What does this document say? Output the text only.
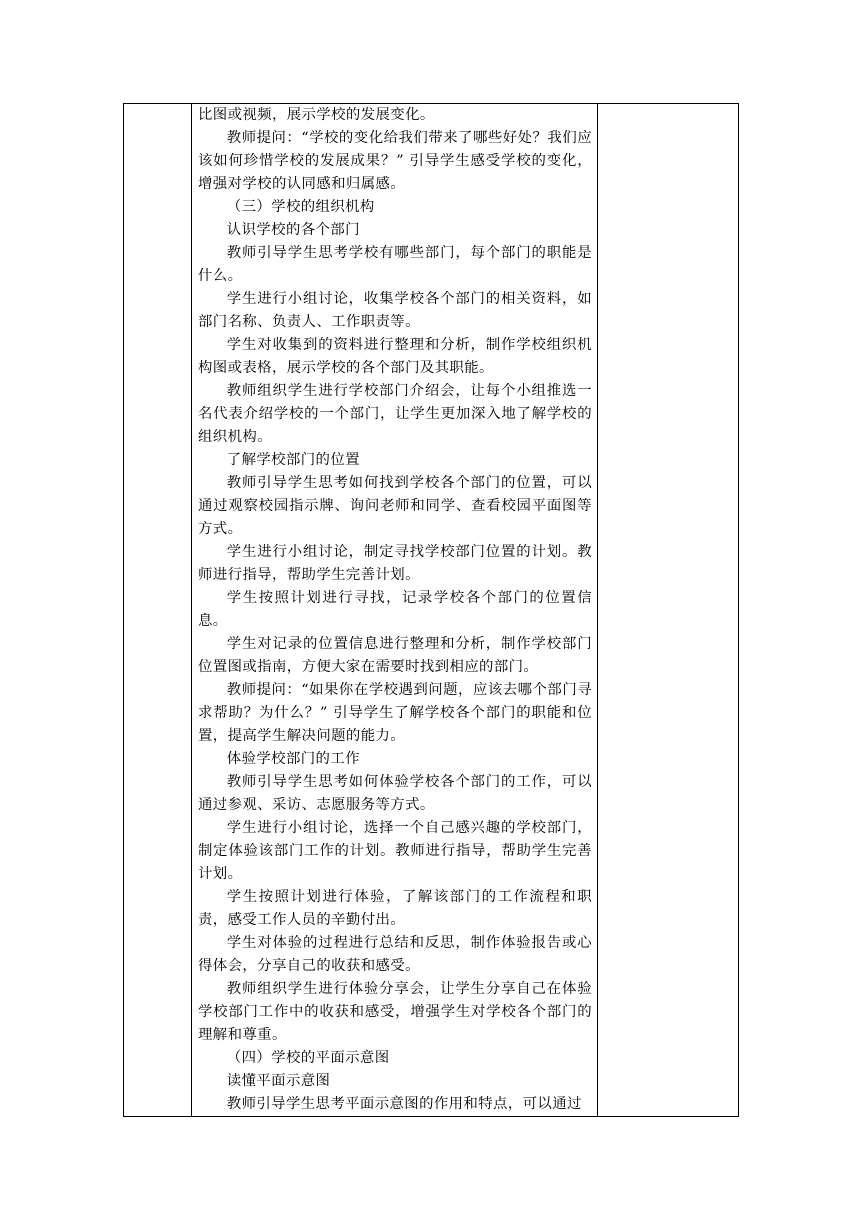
比图或视频，展示学校的发展变化。

教师提问：“学校的变化给我们带来了哪些好处？我们应该如何珍惜学校的发展成果？” 引导学生感受学校的变化，增强对学校的认同感和归属感。

（三）学校的组织机构

认识学校的各个部门

教师引导学生思考学校有哪些部门，每个部门的职能是什么。

学生进行小组讨论，收集学校各个部门的相关资料，如部门名称、负责人、工作职责等。

学生对收集到的资料进行整理和分析，制作学校组织机构图或表格，展示学校的各个部门及其职能。

教师组织学生进行学校部门介绍会，让每个小组推选一名代表介绍学校的一个部门，让学生更加深入地了解学校的组织机构。

了解学校部门的位置

教师引导学生思考如何找到学校各个部门的位置，可以通过观察校园指示牌、询问老师和同学、查看校园平面图等方式。

学生进行小组讨论，制定寻找学校部门位置的计划。教师进行指导，帮助学生完善计划。

学生按照计划进行寻找，记录学校各个部门的位置信息。

学生对记录的位置信息进行整理和分析，制作学校部门位置图或指南，方便大家在需要时找到相应的部门。

教师提问：“如果你在学校遇到问题，应该去哪个部门寻求帮助？为什么？” 引导学生了解学校各个部门的职能和位置，提高学生解决问题的能力。

体验学校部门的工作

教师引导学生思考如何体验学校各个部门的工作，可以通过参观、采访、志愿服务等方式。

学生进行小组讨论，选择一个自己感兴趣的学校部门，制定体验该部门工作的计划。教师进行指导，帮助学生完善计划。

学生按照计划进行体验，了解该部门的工作流程和职责，感受工作人员的辛勤付出。

学生对体验的过程进行总结和反思，制作体验报告或心得体会，分享自己的收获和感受。

教师组织学生进行体验分享会，让学生分享自己在体验学校部门工作中的收获和感受，增强学生对学校各个部门的理解和尊重。

（四）学校的平面示意图

读懂平面示意图

教师引导学生思考平面示意图的作用和特点，可以通过
